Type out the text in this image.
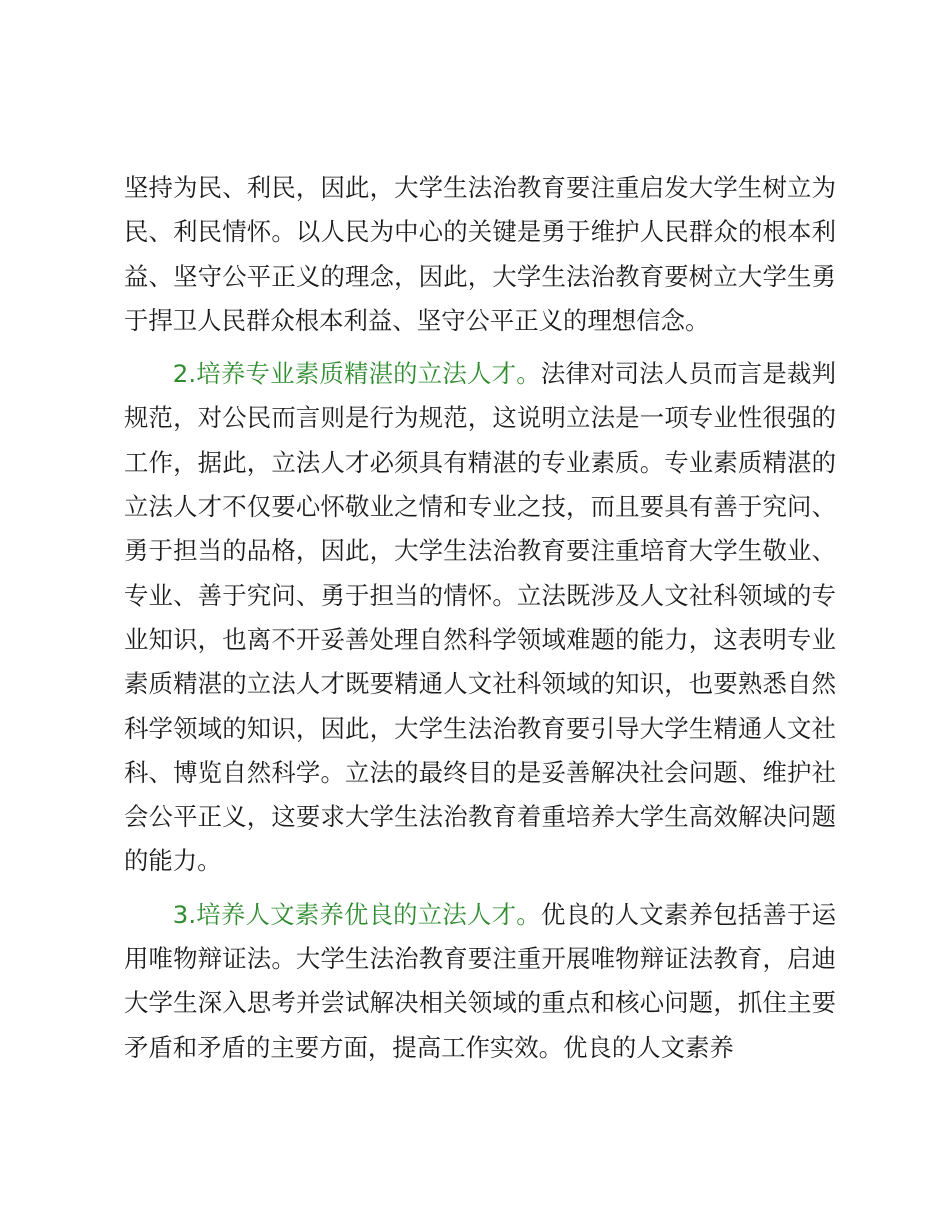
坚持为民、利民，因此，大学生法治教育要注重启发大学生树立为民、利民情怀。以人民为中心的关键是勇于维护人民群众的根本利益、坚守公平正义的理念，因此，大学生法治教育要树立大学生勇于捍卫人民群众根本利益、坚守公平正义的理想信念。

2.培养专业素质精湛的立法人才。法律对司法人员而言是裁判规范，对公民而言则是行为规范，这说明立法是一项专业性很强的工作，据此，立法人才必须具有精湛的专业素质。专业素质精湛的立法人才不仅要心怀敬业之情和专业之技，而且要具有善于究问、勇于担当的品格，因此，大学生法治教育要注重培育大学生敬业、专业、善于究问、勇于担当的情怀。立法既涉及人文社科领域的专业知识，也离不开妥善处理自然科学领域难题的能力，这表明专业素质精湛的立法人才既要精通人文社科领域的知识，也要熟悉自然科学领域的知识，因此，大学生法治教育要引导大学生精通人文社科、博览自然科学。立法的最终目的是妥善解决社会问题、维护社会公平正义，这要求大学生法治教育着重培养大学生高效解决问题的能力。

3.培养人文素养优良的立法人才。优良的人文素养包括善于运用唯物辩证法。大学生法治教育要注重开展唯物辩证法教育，启迪大学生深入思考并尝试解决相关领域的重点和核心问题，抓住主要矛盾和矛盾的主要方面，提高工作实效。优良的人文素养
